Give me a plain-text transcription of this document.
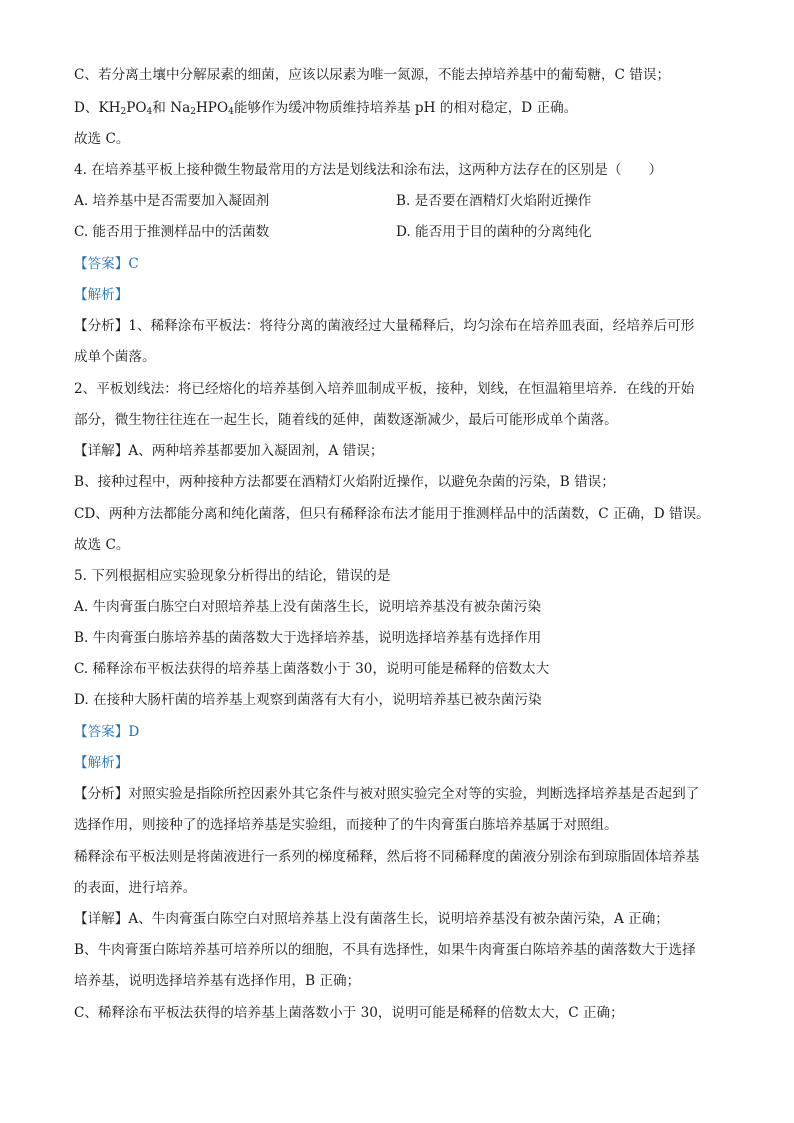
C、若分离土壤中分解尿素的细菌，应该以尿素为唯一氮源，不能去掉培养基中的葡萄糖，C 错误；
D、$KH_2PO_4$和 $Na_2HPO_4$能够作为缓冲物质维持培养基 pH 的相对稳定，D 正确。
故选 C。
4. 在培养基平板上接种微生物最常用的方法是划线法和涂布法，这两种方法存在的区别是（　　）
A. 培养基中是否需要加入凝固剂	B. 是否要在酒精灯火焰附近操作
C. 能否用于推测样品中的活菌数	D. 能否用于目的菌种的分离纯化
【答案】C
【解析】
【分析】1、稀释涂布平板法：将待分离的菌液经过大量稀释后，均匀涂布在培养皿表面，经培养后可形
成单个菌落。
2、平板划线法：将已经熔化的培养基倒入培养皿制成平板，接种，划线，在恒温箱里培养．在线的开始
部分，微生物往往连在一起生长，随着线的延伸，菌数逐渐减少，最后可能形成单个菌落。
【详解】A、两种培养基都要加入凝固剂，A 错误；
B、接种过程中，两种接种方法都要在酒精灯火焰附近操作，以避免杂菌的污染，B 错误；
CD、两种方法都能分离和纯化菌落，但只有稀释涂布法才能用于推测样品中的活菌数，C 正确，D 错误。
故选 C。
5. 下列根据相应实验现象分析得出的结论，错误的是
A. 牛肉膏蛋白胨空白对照培养基上没有菌落生长，说明培养基没有被杂菌污染
B. 牛肉膏蛋白胨培养基的菌落数大于选择培养基，说明选择培养基有选择作用
C. 稀释涂布平板法获得的培养基上菌落数小于 30，说明可能是稀释的倍数太大
D. 在接种大肠杆菌的培养基上观察到菌落有大有小，说明培养基已被杂菌污染
【答案】D
【解析】
【分析】对照实验是指除所控因素外其它条件与被对照实验完全对等的实验，判断选择培养基是否起到了
选择作用，则接种了的选择培养基是实验组，而接种了的牛肉膏蛋白胨培养基属于对照组。
稀释涂布平板法则是将菌液进行一系列的梯度稀释，然后将不同稀释度的菌液分别涂布到琼脂固体培养基
的表面，进行培养。
【详解】A、牛肉膏蛋白陈空白对照培养基上没有菌落生长，说明培养基没有被杂菌污染，A 正确；
B、牛肉膏蛋白陈培养基可培养所以的细胞，不具有选择性，如果牛肉膏蛋白陈培养基的菌落数大于选择
培养基，说明选择培养基有选择作用，B 正确；
C、稀释涂布平板法获得的培养基上菌落数小于 30，说明可能是稀释的倍数太大，C 正确；
